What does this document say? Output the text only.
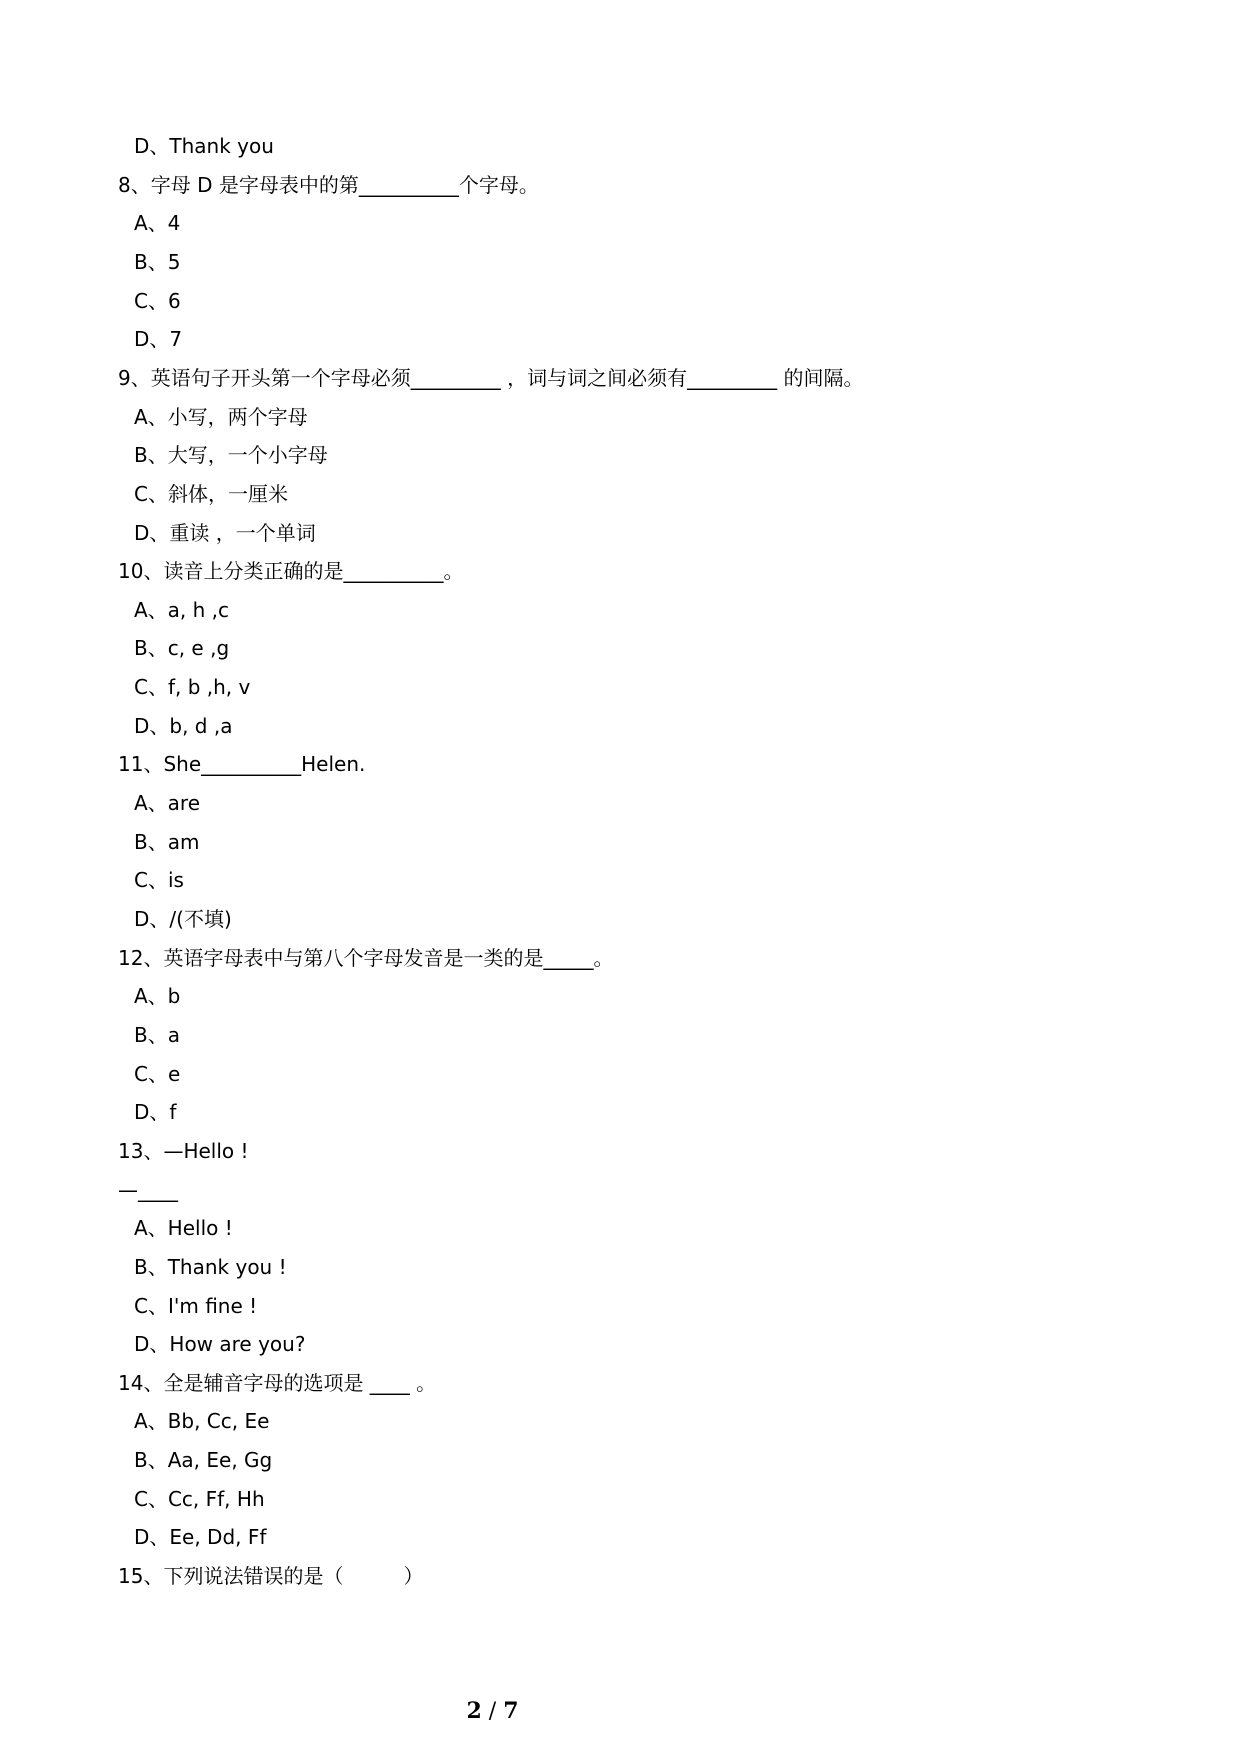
D、Thank you
8、字母 D 是字母表中的第__________个字母。
A、4
B、5
C、6
D、7
9、英语句子开头第一个字母必须_________ ，词与词之间必须有_________ 的间隔。
A、小写，两个字母
B、大写，一个小字母
C、斜体，一厘米
D、重读 ，一个单词
10、读音上分类正确的是__________。
A、a, h ,c
B、c, e ,g
C、f, b ,h, v
D、b, d ,a
11、She__________Helen.
A、are
B、am
C、is
D、/(不填)
12、英语字母表中与第八个字母发音是一类的是_____。
A、b
B、a
C、e
D、f
13、—Hello !
—____
A、Hello !
B、Thank you !
C、I'm fine !
D、How are you?
14、全是辅音字母的选项是 ____ 。
A、Bb, Cc, Ee
B、Aa, Ee, Gg
C、Cc, Ff, Hh
D、Ee, Dd, Ff
15、下列说法错误的是（　　　）
2 / 7
